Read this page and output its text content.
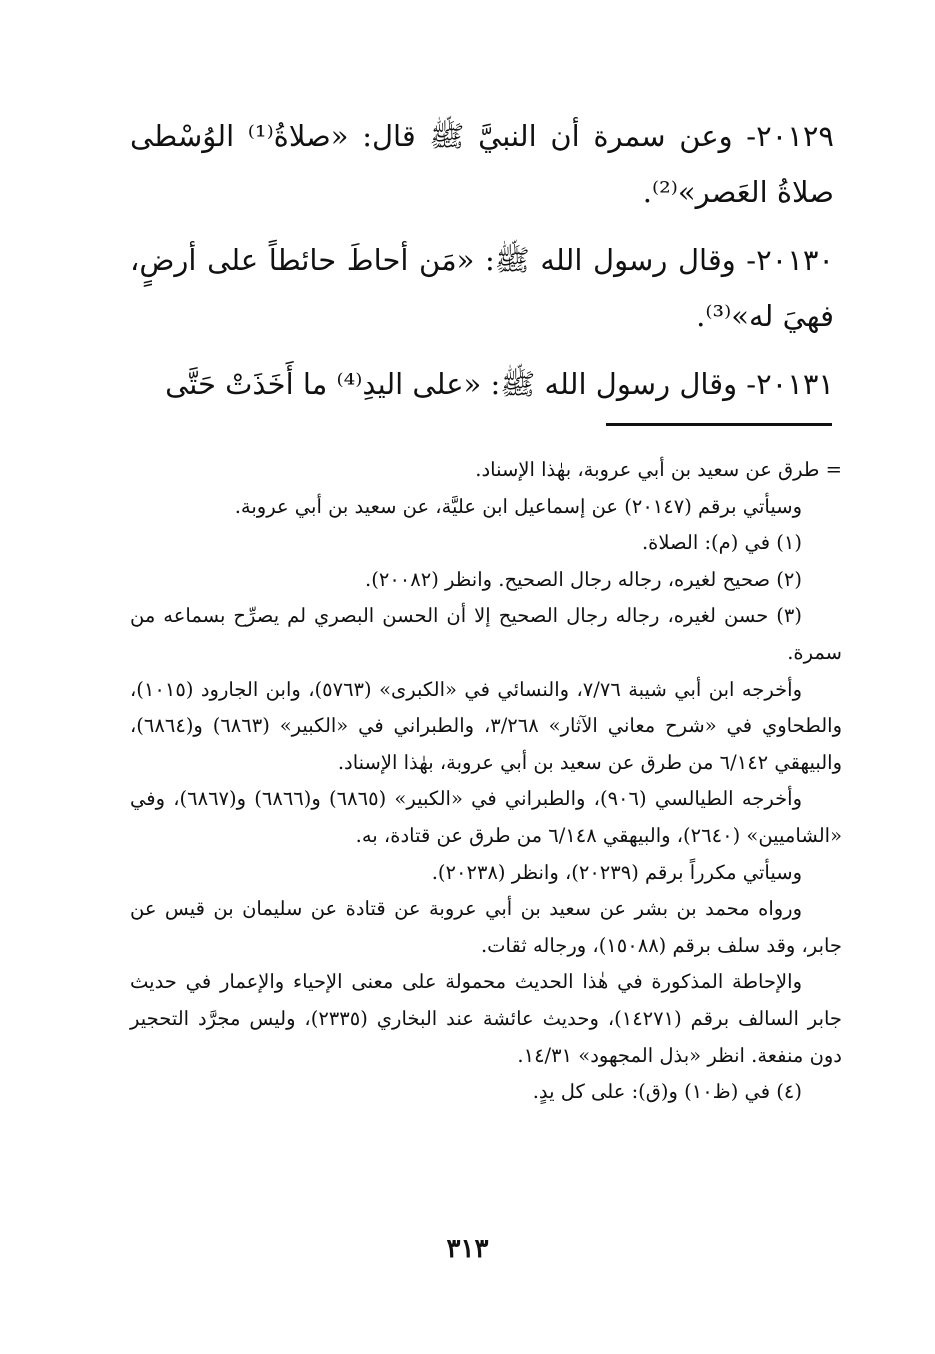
٢٠١٢٩- وعن سمرة أن النبيَّ ﷺ قال: «صلاةُ⁽¹⁾ الوُسْطى صلاةُ العَصر»⁽²⁾.

٢٠١٣٠- وقال رسول الله ﷺ: «مَن أحاطَ حائطاً على أرضٍ، فهيَ له»⁽³⁾.

٢٠١٣١- وقال رسول الله ﷺ: «على اليدِ⁽⁴⁾ ما أَخَذَتْ حَتَّى

= طرق عن سعيد بن أبي عروبة، بهٰذا الإسناد.

وسيأتي برقم (٢٠١٤٧) عن إسماعيل ابن عليَّة، عن سعيد بن أبي عروبة.

(١) في (م): الصلاة.

(٢) صحيح لغيره، رجاله رجال الصحيح. وانظر (٢٠٠٨٢).

(٣) حسن لغيره، رجاله رجال الصحيح إلا أن الحسن البصري لم يصرِّح بسماعه من سمرة.

وأخرجه ابن أبي شيبة ٧/٧٦، والنسائي في «الكبرى» (٥٧٦٣)، وابن الجارود (١٠١٥)، والطحاوي في «شرح معاني الآثار» ٣/٢٦٨، والطبراني في «الكبير» (٦٨٦٣) و(٦٨٦٤)، والبيهقي ٦/١٤٢ من طرق عن سعيد بن أبي عروبة، بهٰذا الإسناد.

وأخرجه الطيالسي (٩٠٦)، والطبراني في «الكبير» (٦٨٦٥) و(٦٨٦٦) و(٦٨٦٧)، وفي «الشاميين» (٢٦٤٠)، والبيهقي ٦/١٤٨ من طرق عن قتادة، به.

وسيأتي مكرراً برقم (٢٠٢٣٩)، وانظر (٢٠٢٣٨).

ورواه محمد بن بشر عن سعيد بن أبي عروبة عن قتادة عن سليمان بن قيس عن جابر، وقد سلف برقم (١٥٠٨٨)، ورجاله ثقات.

والإحاطة المذكورة في هٰذا الحديث محمولة على معنى الإحياء والإعمار في حديث جابر السالف برقم (١٤٢٧١)، وحديث عائشة عند البخاري (٢٣٣٥)، وليس مجرَّد التحجير دون منفعة. انظر «بذل المجهود» ١٤/٣١.

(٤) في (ظ١٠) و(ق): على كل يدٍ.

٣١٣
